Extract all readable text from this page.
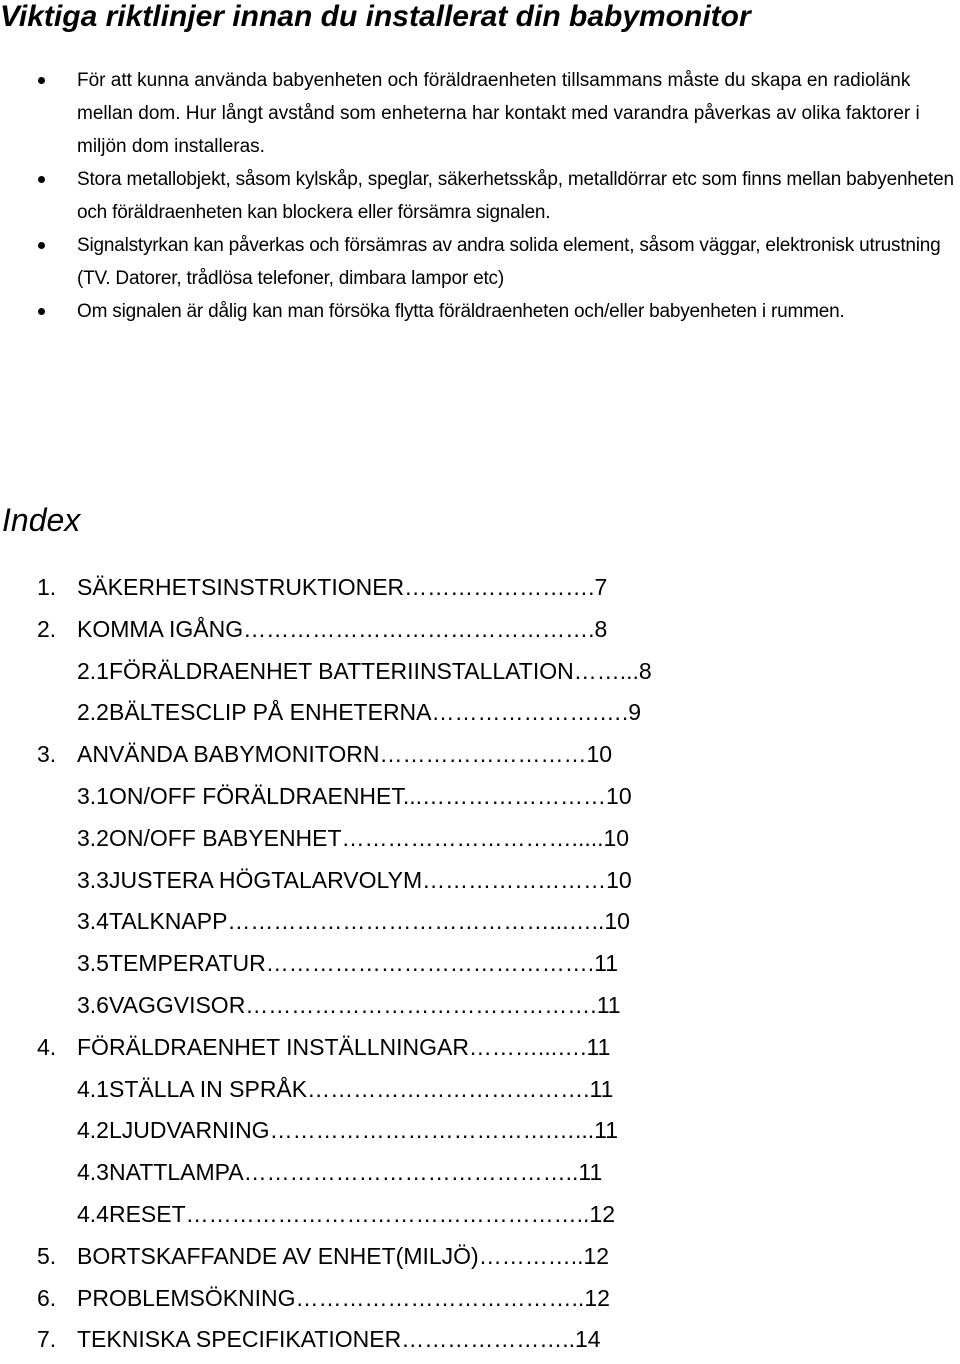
Viktiga riktlinjer innan du installerat din babymonitor
För att kunna använda babyenheten och föräldraenheten tillsammans måste du skapa en radiolänk mellan dom. Hur långt avstånd som enheterna har kontakt med varandra påverkas av olika faktorer i miljön dom installeras.
Stora metallobjekt, såsom kylskåp, speglar, säkerhetsskåp, metalldörrar etc som finns mellan babyenheten och föräldraenheten kan blockera eller försämra signalen.
Signalstyrkan kan påverkas och försämras av andra solida element, såsom väggar, elektronisk utrustning (TV. Datorer, trådlösa telefoner, dimbara lampor etc)
Om signalen är dålig kan man försöka flytta föräldraenheten och/eller babyenheten i rummen.
Index
1. SÄKERHETSINSTRUKTIONER…………………….7
2. KOMMA IGÅNG……………………………………….8
2.1FÖRÄLDRAENHET BATTERIINSTALLATION……...8
2.2BÄLTESCLIP PÅ ENHETERNA………………….….9
3. ANVÄNDA BABYMONITORN………………………10
3.1ON/OFF FÖRÄLDRAENHET...……………………10
3.2ON/OFF BABYENHET………………………….....10
3.3JUSTERA HÖGTALARVOLYM……………………10
3.4TALKNAPP……………………………………...…..10
3.5TEMPERATUR…………………………………….11
3.6VAGGVISOR……………………………………….11
4. FÖRÄLDRAENHET INSTÄLLNINGAR………...….11
4.1STÄLLA IN SPRÅK……………………………….11
4.2LJUDVARNING……………………………….…...11
4.3NATTLAMPA……………………………………..11
4.4RESET……………………………………………..12
5. BORTSKAFFANDE AV ENHET(MILJÖ)…………..12
6. PROBLEMSÖKNING………………………………..12
7. TEKNISKA SPECIFIKATIONER…………………..14
